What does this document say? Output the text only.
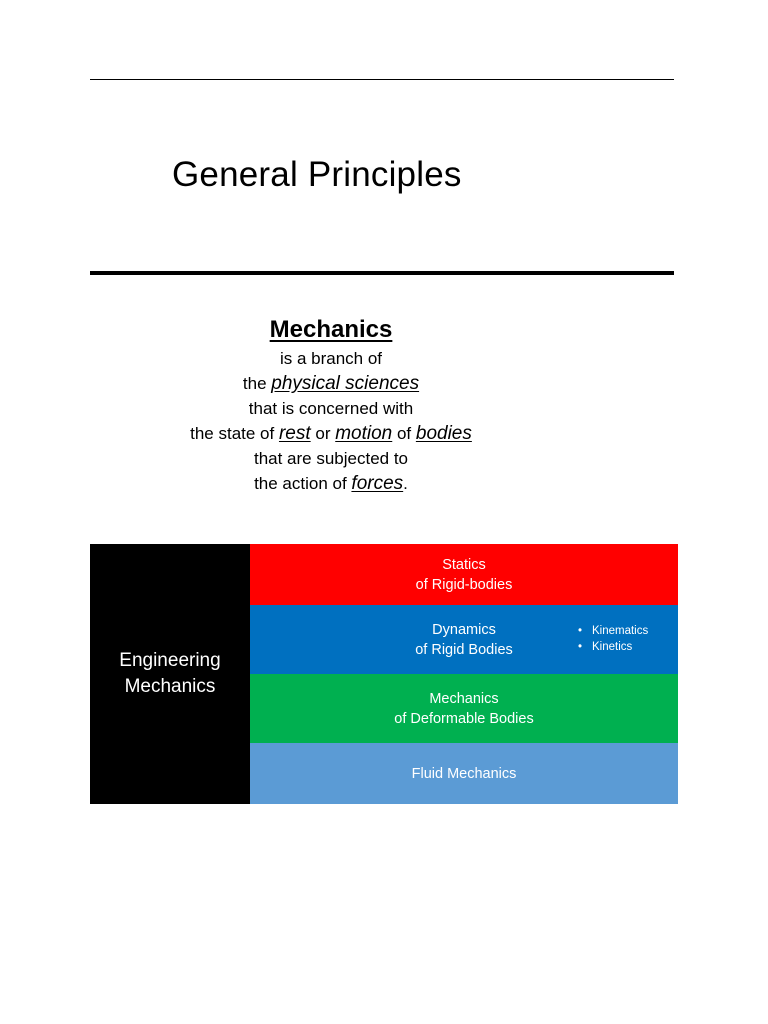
General Principles
Mechanics
is a branch of
the physical sciences
that is concerned with
the state of rest or motion of bodies
that are subjected to
the action of forces.
Engineering
Mechanics
Statics
of Rigid-bodies
Dynamics
of Rigid Bodies
• Kinematics
• Kinetics
Mechanics
of Deformable Bodies
Fluid Mechanics
